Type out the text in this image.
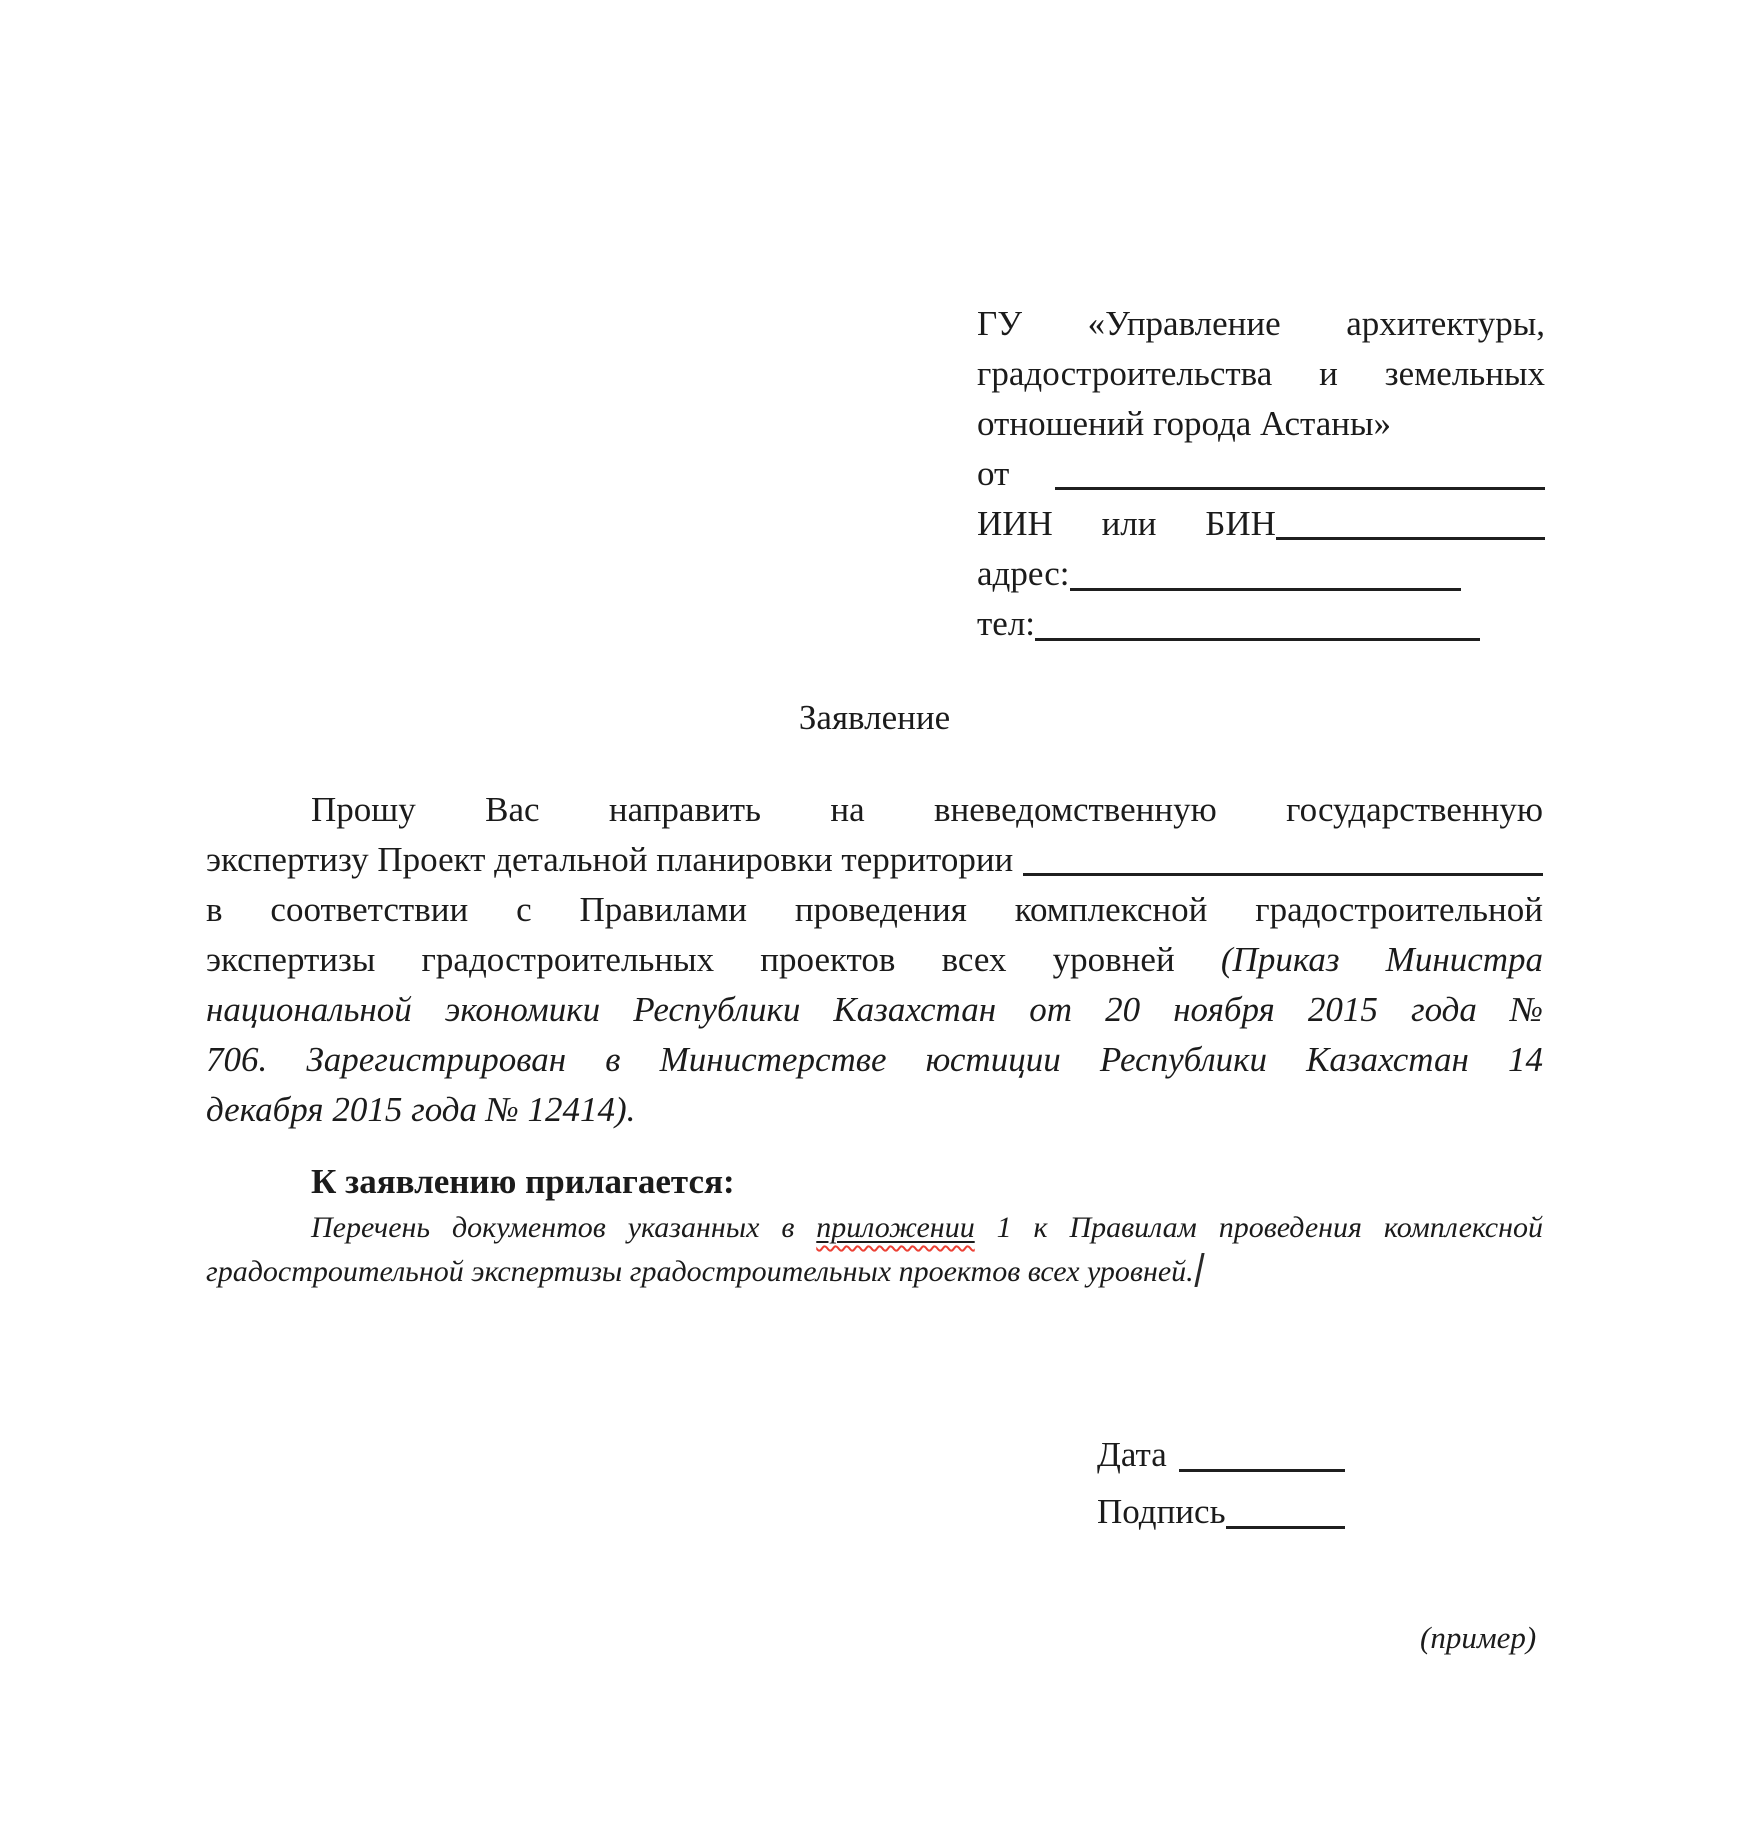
ГУ «Управление архитектуры,
градостроительства и земельных
отношений города Астаны»
от
ИИН или БИН
адрес:
тел:
Заявление
Прошу Вас направить на вневедомственную государственную
экспертизу Проект детальной планировки территории
в соответствии с Правилами проведения комплексной градостроительной
экспертизы градостроительных проектов всех уровней (Приказ Министра
национальной экономики Республики Казахстан от 20 ноября 2015 года №
706. Зарегистрирован в Министерстве юстиции Республики Казахстан 14
декабря 2015 года № 12414).
К заявлению прилагается:
Перечень документов указанных в приложении 1 к Правилам проведения комплексной
градостроительной экспертизы градостроительных проектов всех уровней.
Дата
Подпись
(пример)
